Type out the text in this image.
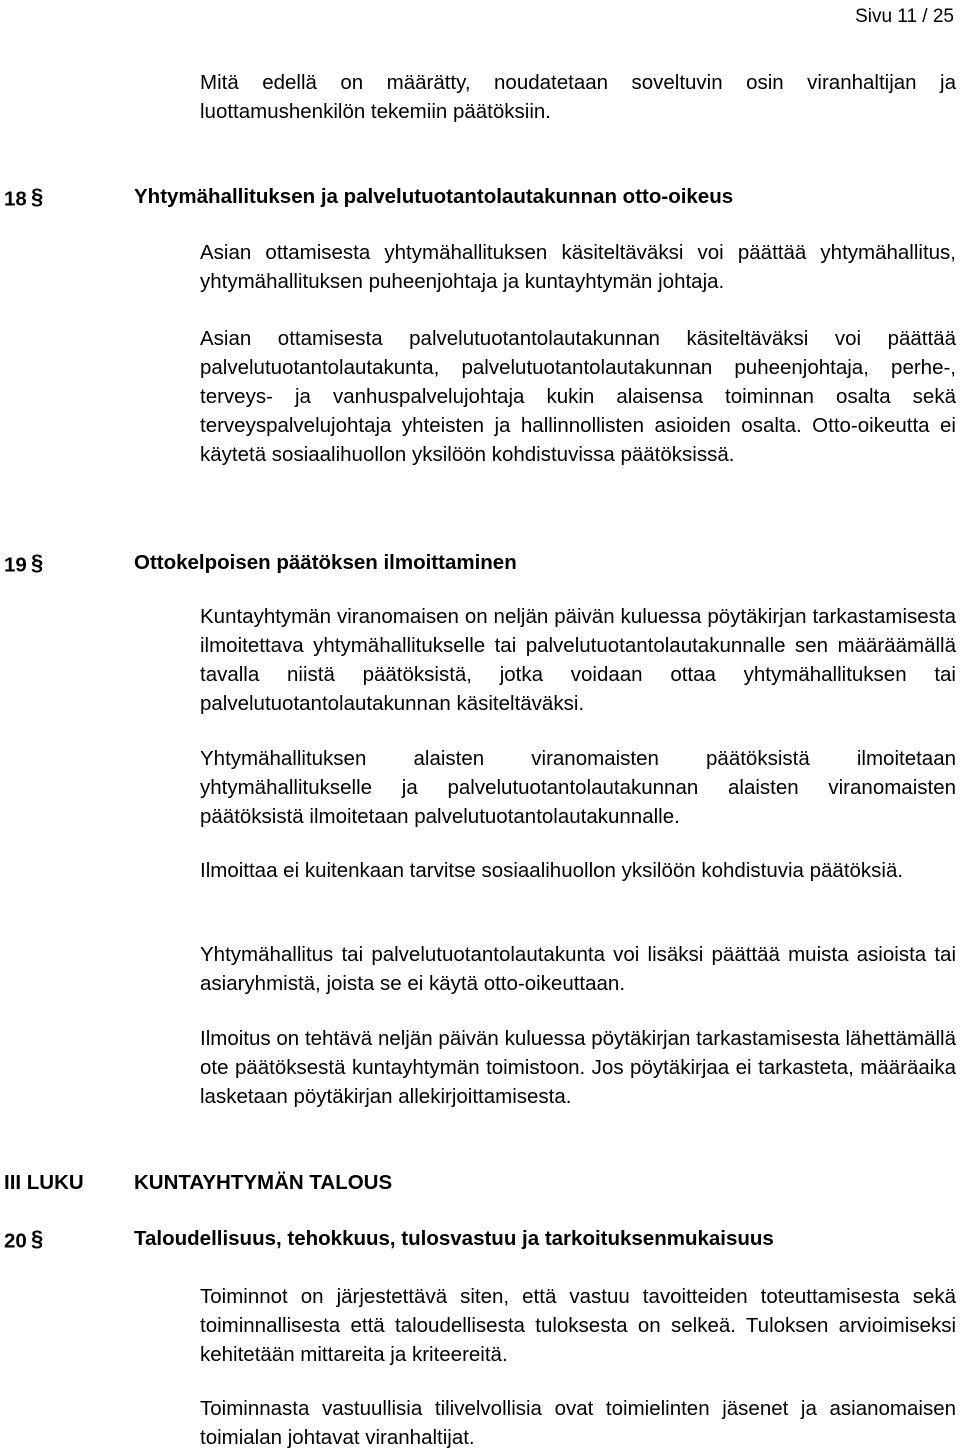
Sivu 11 / 25

Mitä edellä on määrätty, noudatetaan soveltuvin osin viranhaltijan ja luottamushenkilön tekemiin päätöksiin.

18 §	Yhtymähallituksen ja palvelutuotantolautakunnan otto-oikeus

Asian ottamisesta yhtymähallituksen käsiteltäväksi voi päättää yhtymähallitus, yhtymähallituksen puheenjohtaja ja kuntayhtymän johtaja.

Asian ottamisesta palvelutuotantolautakunnan käsiteltäväksi voi päättää palvelutuotantolautakunta, palvelutuotantolautakunnan puheenjohtaja, perhe-, terveys- ja vanhuspalvelujohtaja kukin alaisensa toiminnan osalta sekä terveyspalvelujohtaja yhteisten ja hallinnollisten asioiden osalta. Otto-oikeutta ei käytetä sosiaalihuollon yksilöön kohdistuvissa päätöksissä.

19 §	Ottokelpoisen päätöksen ilmoittaminen

Kuntayhtymän viranomaisen on neljän päivän kuluessa pöytäkirjan tarkastamisesta ilmoitettava yhtymähallitukselle tai palvelutuotantolautakunnalle sen määräämällä tavalla niistä päätöksistä, jotka voidaan ottaa yhtymähallituksen tai palvelutuotantolautakunnan käsiteltäväksi.

Yhtymähallituksen alaisten viranomaisten päätöksistä ilmoitetaan yhtymähallitukselle ja palvelutuotantolautakunnan alaisten viranomaisten päätöksistä ilmoitetaan palvelutuotantolautakunnalle.

Ilmoittaa ei kuitenkaan tarvitse sosiaalihuollon yksilöön kohdistuvia päätöksiä.

Yhtymähallitus tai palvelutuotantolautakunta voi lisäksi päättää muista asioista tai asiaryhmistä, joista se ei käytä otto-oikeuttaan.

Ilmoitus on tehtävä neljän päivän kuluessa pöytäkirjan tarkastamisesta lähettämällä ote päätöksestä kuntayhtymän toimistoon. Jos pöytäkirjaa ei tarkasteta, määräaika lasketaan pöytäkirjan allekirjoittamisesta.

III LUKU KUNTAYHTYMÄN TALOUS
20 §	Taloudellisuus, tehokkuus, tulosvastuu ja tarkoituksenmukaisuus

Toiminnot on järjestettävä siten, että vastuu tavoitteiden toteuttamisesta sekä toiminnallisesta että taloudellisesta tuloksesta on selkeä. Tuloksen arvioimiseksi kehitetään mittareita ja kriteereitä.

Toiminnasta vastuullisia tilivelvollisia ovat toimielinten jäsenet ja asianomaisen toimialan johtavat viranhaltijat.
